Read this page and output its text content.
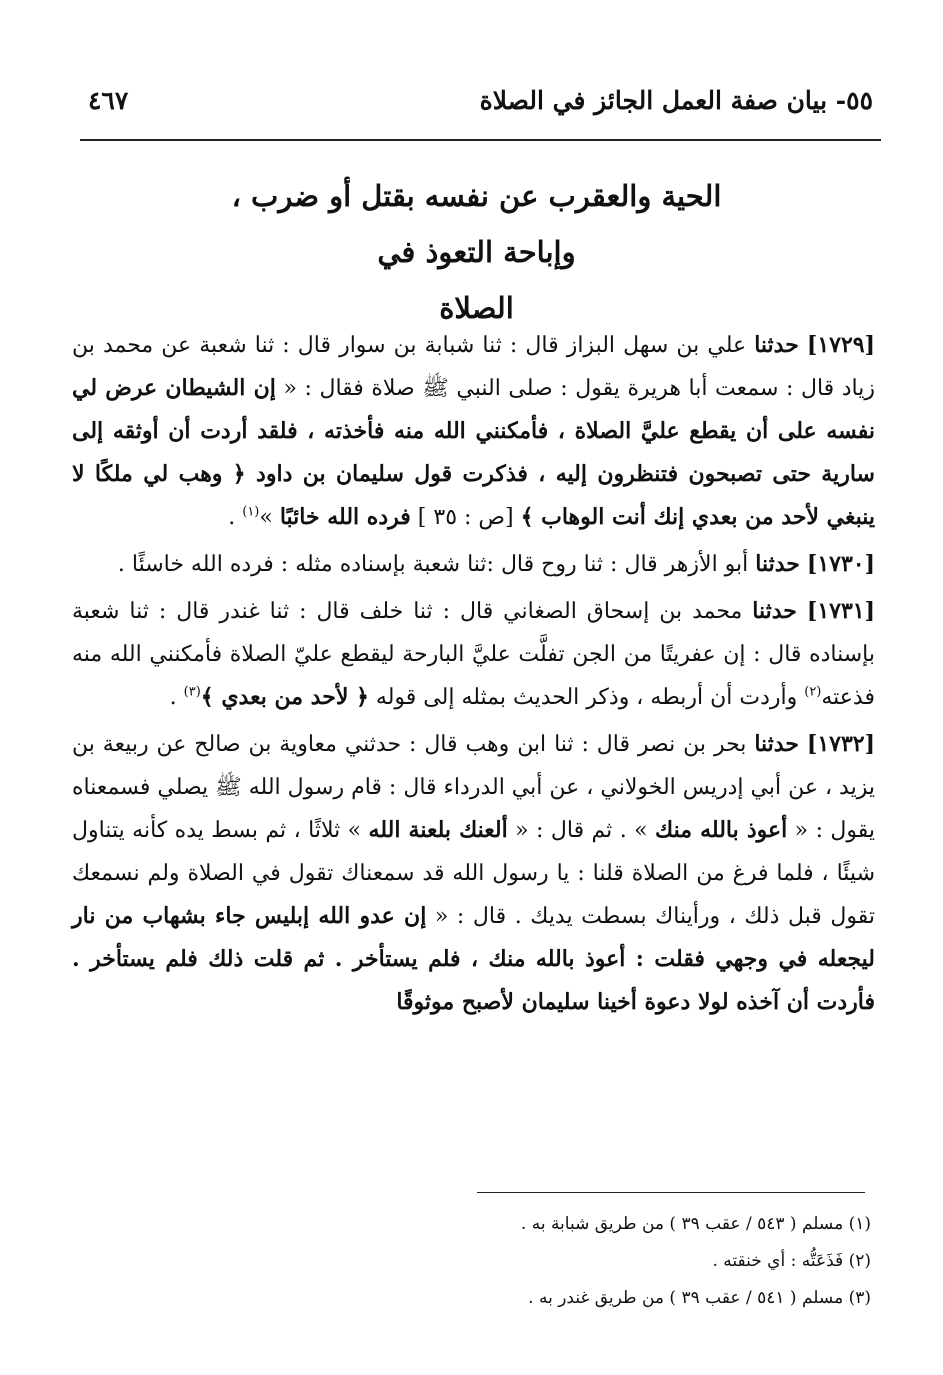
٥٥- بيان صفة العمل الجائز في الصلاة
٤٦٧
الحية والعقرب عن نفسه بقتل أو ضرب ،
وإباحة التعوذ في
الصلاة

[١٧٢٩] حدثنا علي بن سهل البزاز قال : ثنا شبابة بن سوار قال : ثنا شعبة عن محمد بن زياد قال : سمعت أبا هريرة يقول : صلى النبي ﷺ صلاة فقال : « إن الشيطان عرض لي نفسه على أن يقطع عليَّ الصلاة ، فأمكنني الله منه فأخذته ، فلقد أردت أن أوثقه إلى سارية حتى تصبحون فتنظرون إليه ، فذكرت قول سليمان بن داود ﴿ وهب لي ملكًا لا ينبغي لأحد من بعدي إنك أنت الوهاب ﴾ [ص : ٣٥ ] فرده الله خائبًا »$^{(١)}$ .

[١٧٣٠] حدثنا أبو الأزهر قال : ثنا روح قال :ثنا شعبة بإسناده مثله : فرده الله خاسئًا .

[١٧٣١] حدثنا محمد بن إسحاق الصغاني قال : ثنا خلف قال : ثنا غندر قال : ثنا شعبة بإسناده قال : إن عفريتًا من الجن تفلَّت عليَّ البارحة ليقطع عليّ الصلاة فأمكنني الله منه فذعته$^{(٢)}$ وأردت أن أربطه ، وذكر الحديث بمثله إلى قوله ﴿ لأحد من بعدي ﴾$^{(٣)}$ .

[١٧٣٢] حدثنا بحر بن نصر قال : ثنا ابن وهب قال : حدثني معاوية بن صالح عن ربيعة بن يزيد ، عن أبي إدريس الخولاني ، عن أبي الدرداء قال : قام رسول الله ﷺ يصلي فسمعناه يقول : « أعوذ بالله منك » . ثم قال : « ألعنك بلعنة الله » ثلاثًا ، ثم بسط يده كأنه يتناول شيئًا ، فلما فرغ من الصلاة قلنا : يا رسول الله قد سمعناك تقول في الصلاة ولم نسمعك تقول قبل ذلك ، ورأيناك بسطت يديك . قال : « إن عدو الله إبليس جاء بشهاب من نار ليجعله في وجهي فقلت : أعوذ بالله منك ، فلم يستأخر . ثم قلت ذلك فلم يستأخر . فأردت أن آخذه لولا دعوة أخينا سليمان لأصبح موثوقًا

(١) مسلم ( ٥٤٣ / عقب ٣٩ ) من طريق شبابة به .
(٢) فَذَعَتُّه : أي خنقته .
(٣) مسلم ( ٥٤١ / عقب ٣٩ ) من طريق غندر به .
